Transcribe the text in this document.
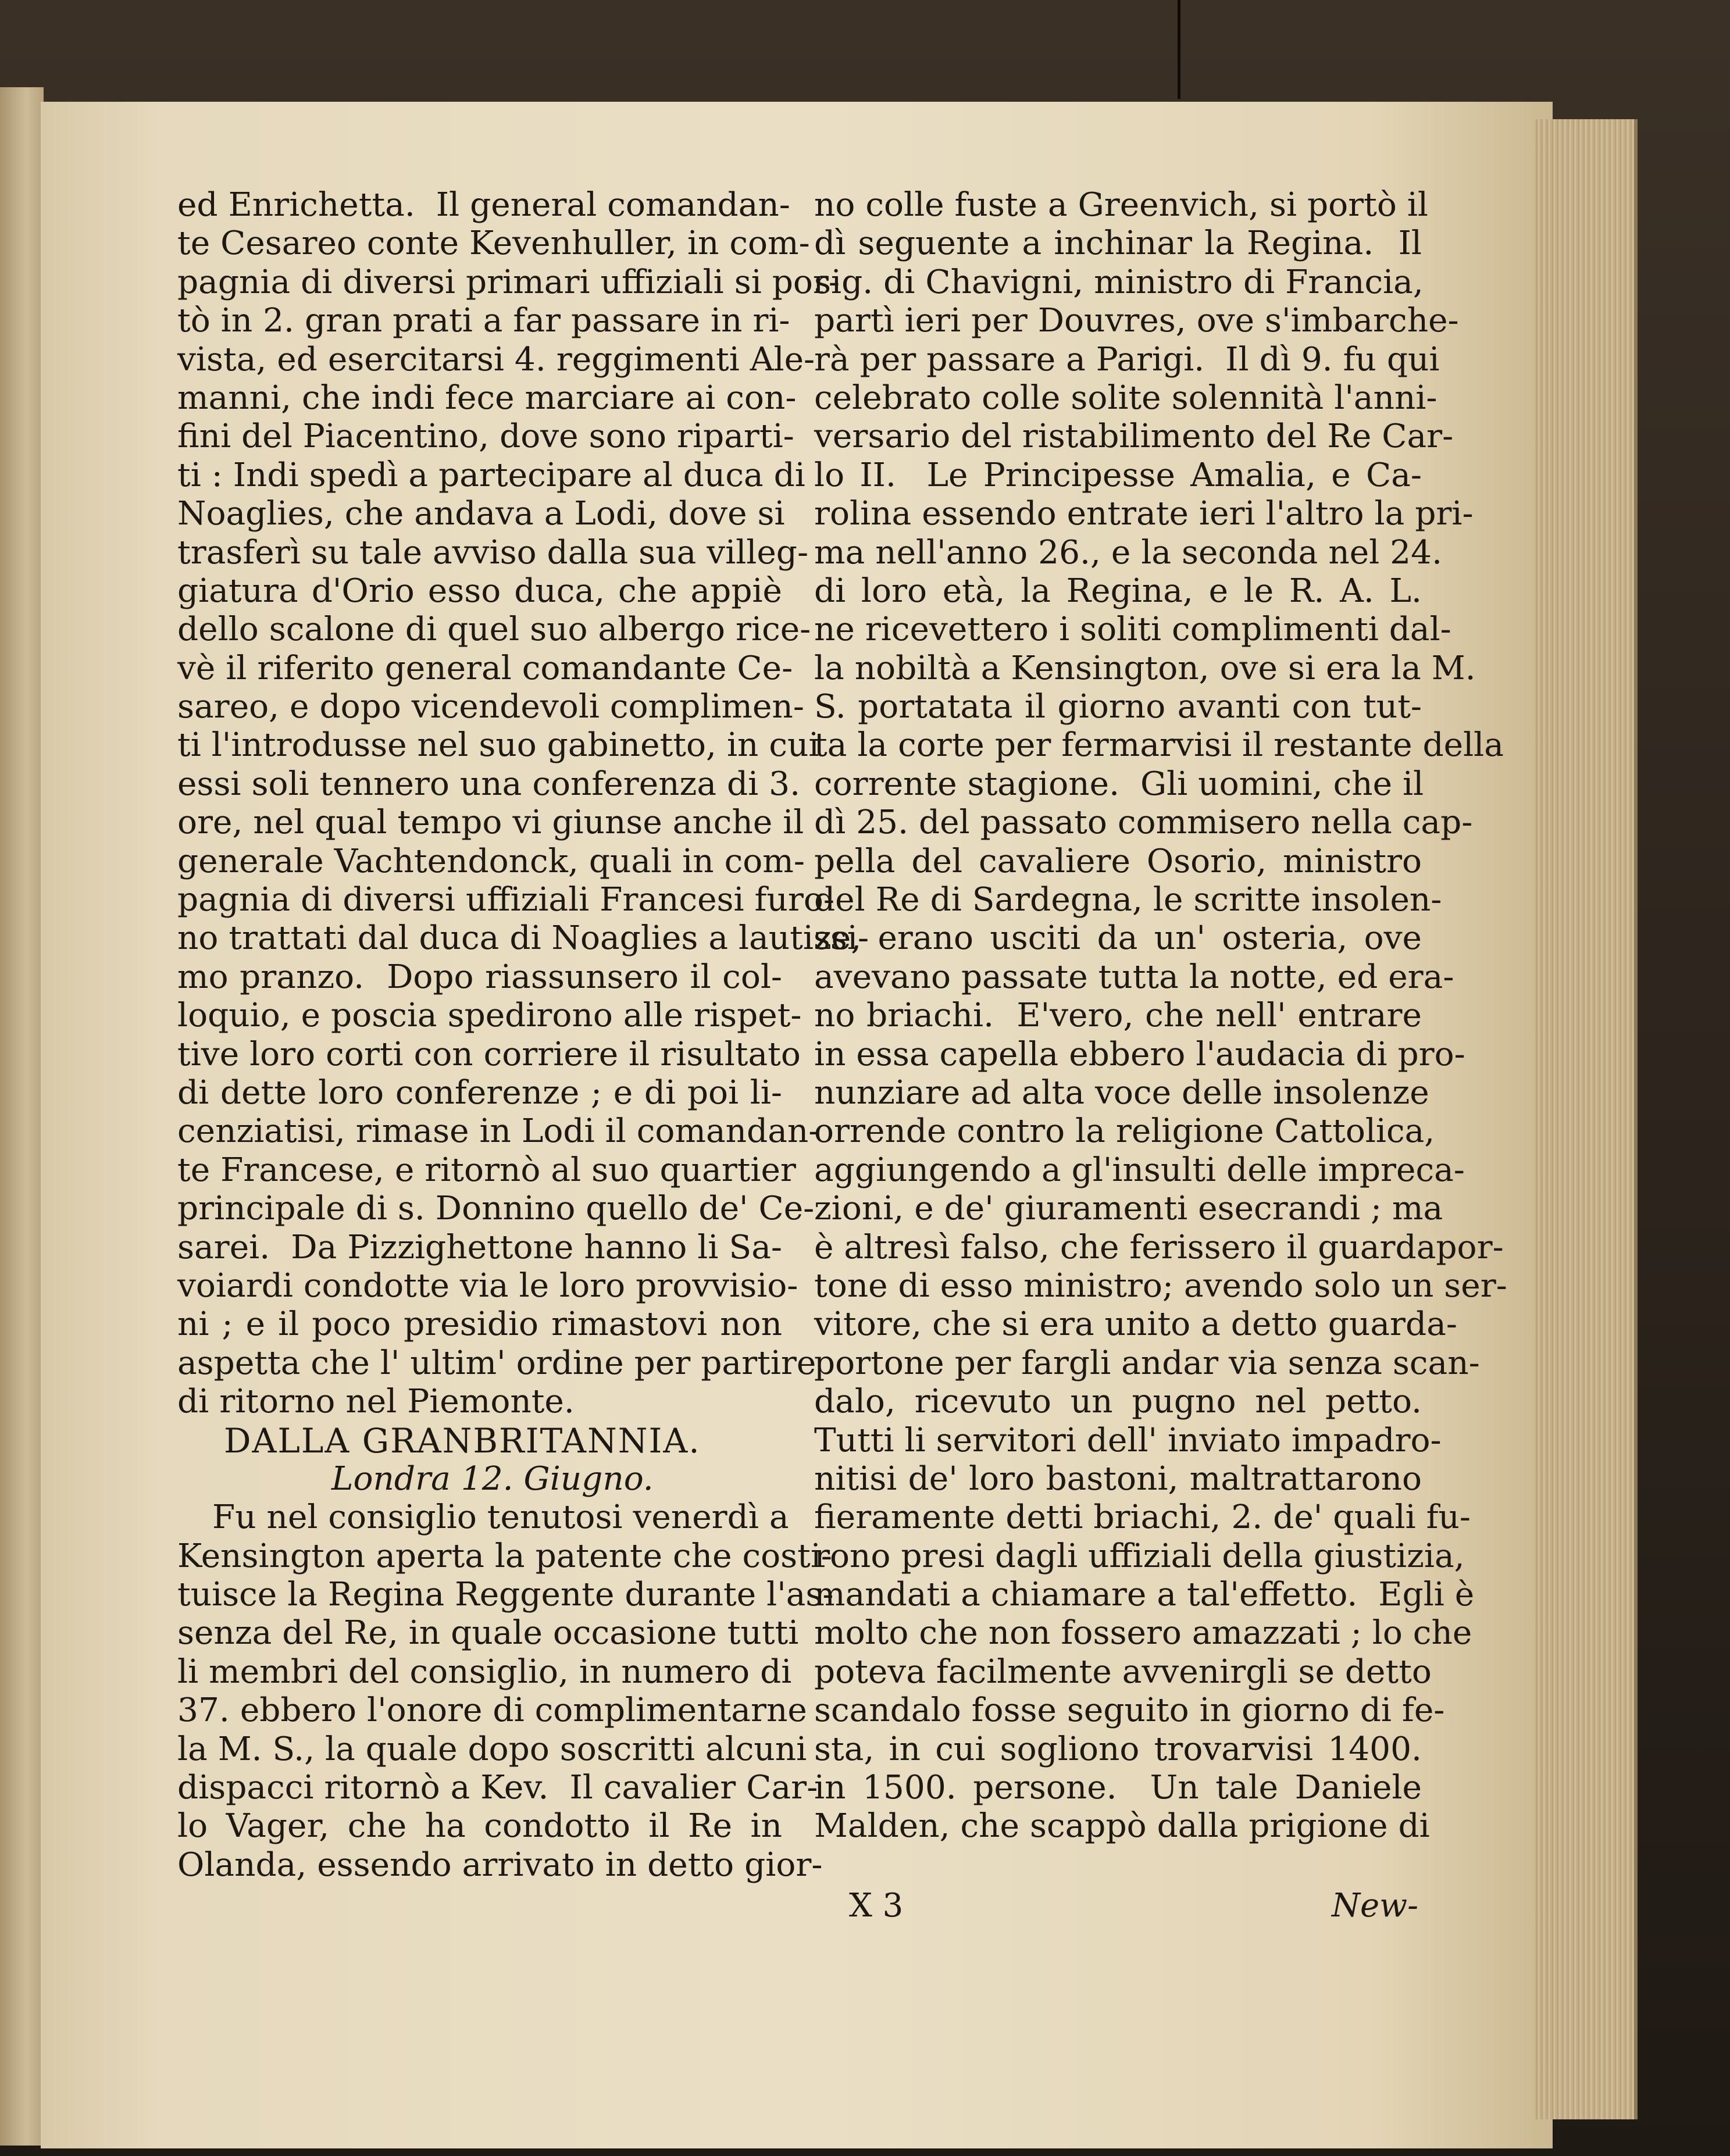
ed Enrichetta.  Il general comandan-
te Cesareo conte Kevenhuller, in com-
pagnia di diversi primari uffiziali si por-
tò in 2. gran prati a far passare in ri-
vista, ed esercitarsi 4. reggimenti Ale-
manni, che indi fece marciare ai con-
fini del Piacentino, dove sono riparti-
ti : Indi spedì a partecipare al duca di
Noaglies, che andava a Lodi, dove si
trasferì su tale avviso dalla sua villeg-
giatura d'Orio esso duca, che appiè
dello scalone di quel suo albergo rice-
vè il riferito general comandante Ce-
sareo, e dopo vicendevoli complimen-
ti l'introdusse nel suo gabinetto, in cui
essi soli tennero una conferenza di 3.
ore, nel qual tempo vi giunse anche il
generale Vachtendonck, quali in com-
pagnia di diversi uffiziali Francesi furo-
no trattati dal duca di Noaglies a lautissi-
mo pranzo.  Dopo riassunsero il col-
loquio, e poscia spedirono alle rispet-
tive loro corti con corriere il risultato
di dette loro conferenze ; e di poi li-
cenziatisi, rimase in Lodi il comandan-
te Francese, e ritornò al suo quartier
principale di s. Donnino quello de' Ce-
sarei.  Da Pizzighettone hanno li Sa-
voiardi condotte via le loro provvisio-
ni ; e il poco presidio rimastovi non
aspetta che l' ultim' ordine per partire
di ritorno nel Piemonte.
DALLA GRANBRITANNIA.
Londra 12. Giugno.
Fu nel consiglio tenutosi venerdì a
Kensington aperta la patente che costi-
tuisce la Regina Reggente durante l'as-
senza del Re, in quale occasione tutti
li membri del consiglio, in numero di
37. ebbero l'onore di complimentarne
la M. S., la quale dopo soscritti alcuni
dispacci ritornò a Kev.  Il cavalier Car-
lo Vager, che ha condotto il Re in
Olanda, essendo arrivato in detto gior-
no colle fuste a Greenvich, si portò il
dì seguente a inchinar la Regina.  Il
sig. di Chavigni, ministro di Francia,
partì ieri per Douvres, ove s'imbarche-
rà per passare a Parigi.  Il dì 9. fu qui
celebrato colle solite solennità l'anni-
versario del ristabilimento del Re Car-
lo II.  Le Principesse Amalia, e Ca-
rolina essendo entrate ieri l'altro la pri-
ma nell'anno 26., e la seconda nel 24.
di loro età, la Regina, e le R. A. L.
ne ricevettero i soliti complimenti dal-
la nobiltà a Kensington, ove si era la M.
S. portatata il giorno avanti con tut-
ta la corte per fermarvisi il restante della
corrente stagione.  Gli uomini, che il
dì 25. del passato commisero nella cap-
pella del cavaliere Osorio, ministro
del Re di Sardegna, le scritte insolen-
ze, erano usciti da un' osteria, ove
avevano passate tutta la notte, ed era-
no briachi.  E'vero, che nell' entrare
in essa capella ebbero l'audacia di pro-
nunziare ad alta voce delle insolenze
orrende contro la religione Cattolica,
aggiungendo a gl'insulti delle impreca-
zioni, e de' giuramenti esecrandi ; ma
è altresì falso, che ferissero il guardapor-
tone di esso ministro; avendo solo un ser-
vitore, che si era unito a detto guarda-
portone per fargli andar via senza scan-
dalo, ricevuto un pugno nel petto.
Tutti li servitori dell' inviato impadro-
nitisi de' loro bastoni, maltrattarono
fieramente detti briachi, 2. de' quali fu-
rono presi dagli uffiziali della giustizia,
mandati a chiamare a tal'effetto.  Egli è
molto che non fossero amazzati ; lo che
poteva facilmente avvenirgli se detto
scandalo fosse seguito in giorno di fe-
sta, in cui sogliono trovarvisi 1400.
in 1500. persone.  Un tale Daniele
Malden, che scappò dalla prigione di
X 3	New-
